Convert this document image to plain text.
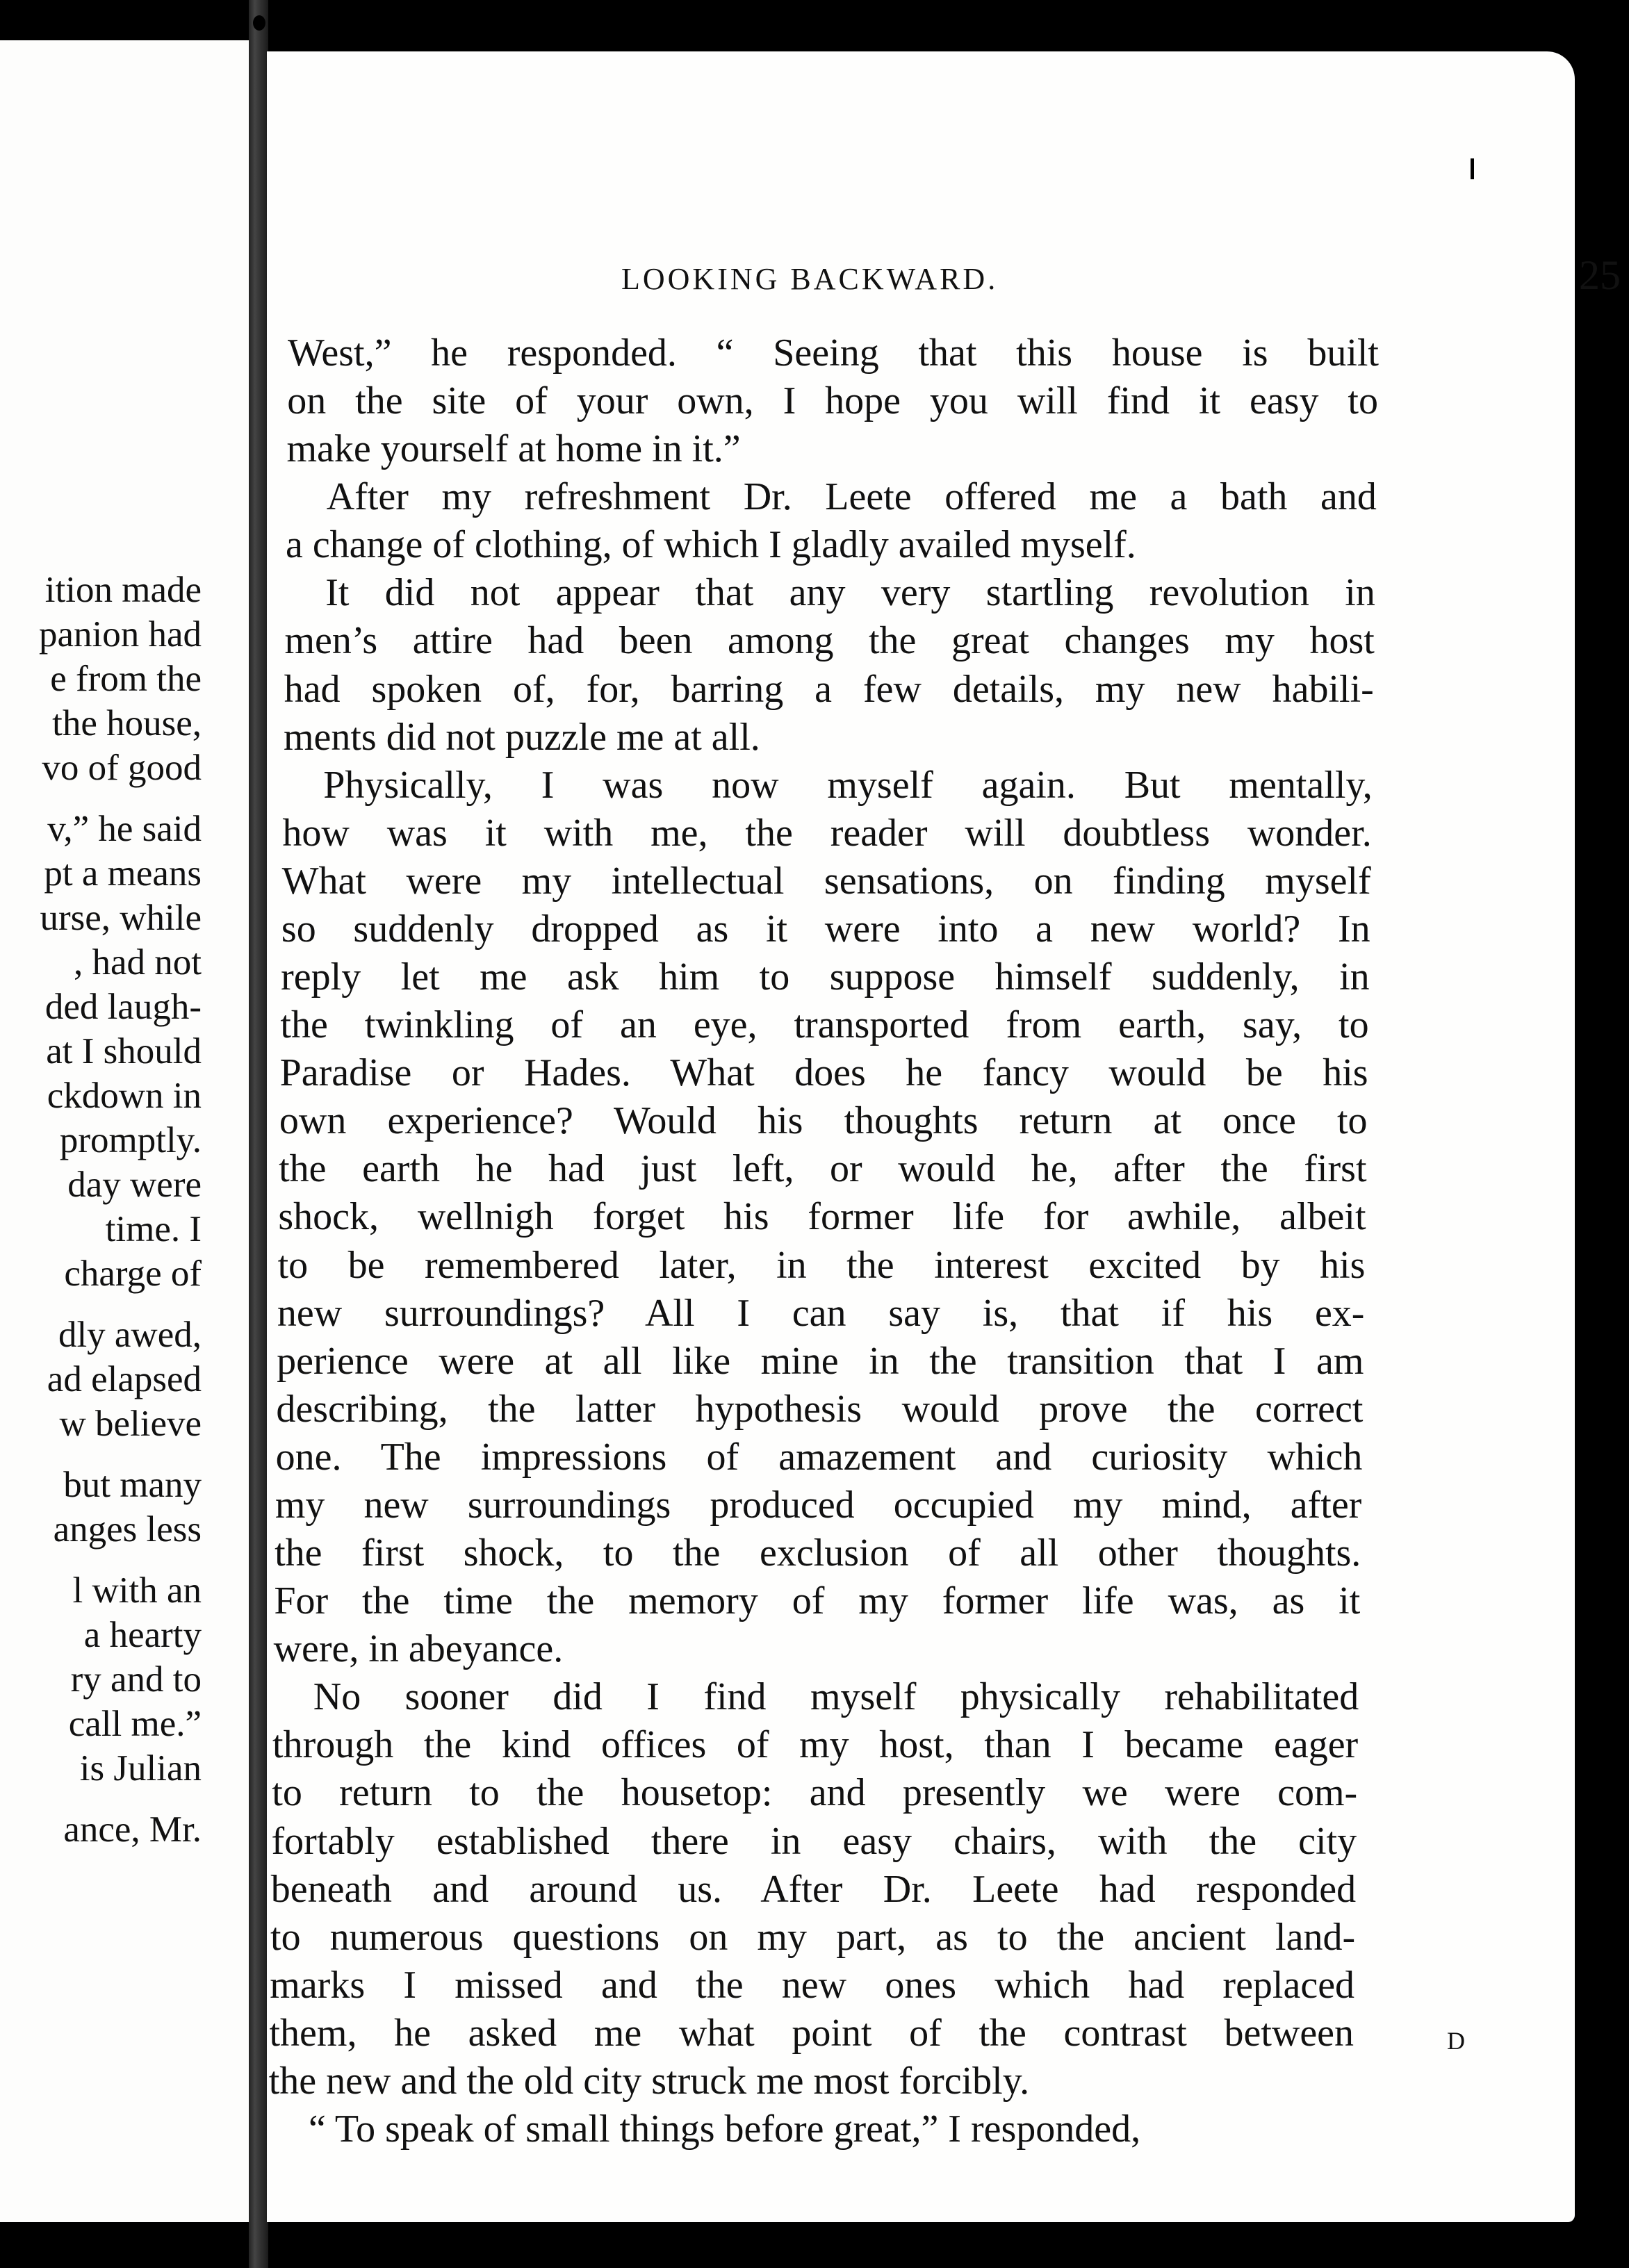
ition made
panion had
e from the
the house,
vo of good
v,” he said
pt a means
urse, while
, had not
ded laugh-
at I should
ckdown in
promptly.
day were
time. I
charge of
dly awed,
ad elapsed
w believe
but many
anges less
l with an
a hearty
ry and to
call me.”
is Julian
ance, Mr.
LOOKING BACKWARD.	25
West,” he responded. “ Seeing that this house is built
on the site of your own, I hope you will find it easy to
make yourself at home in it.”
After my refreshment Dr. Leete offered me a bath and
a change of clothing, of which I gladly availed myself.
It did not appear that any very startling revolution in
men’s attire had been among the great changes my host
had spoken of, for, barring a few details, my new habili-
ments did not puzzle me at all.
Physically, I was now myself again. But mentally,
how was it with me, the reader will doubtless wonder.
What were my intellectual sensations, on finding myself
so suddenly dropped as it were into a new world? In
reply let me ask him to suppose himself suddenly, in
the twinkling of an eye, transported from earth, say, to
Paradise or Hades. What does he fancy would be his
own experience? Would his thoughts return at once to
the earth he had just left, or would he, after the first
shock, wellnigh forget his former life for awhile, albeit
to be remembered later, in the interest excited by his
new surroundings? All I can say is, that if his ex-
perience were at all like mine in the transition that I am
describing, the latter hypothesis would prove the correct
one. The impressions of amazement and curiosity which
my new surroundings produced occupied my mind, after
the first shock, to the exclusion of all other thoughts.
For the time the memory of my former life was, as it
were, in abeyance.
No sooner did I find myself physically rehabilitated
through the kind offices of my host, than I became eager
to return to the housetop: and presently we were com-
fortably established there in easy chairs, with the city
beneath and around us. After Dr. Leete had responded
to numerous questions on my part, as to the ancient land-
marks I missed and the new ones which had replaced
them, he asked me what point of the contrast between
the new and the old city struck me most forcibly.
“ To speak of small things before great,” I responded,
D
